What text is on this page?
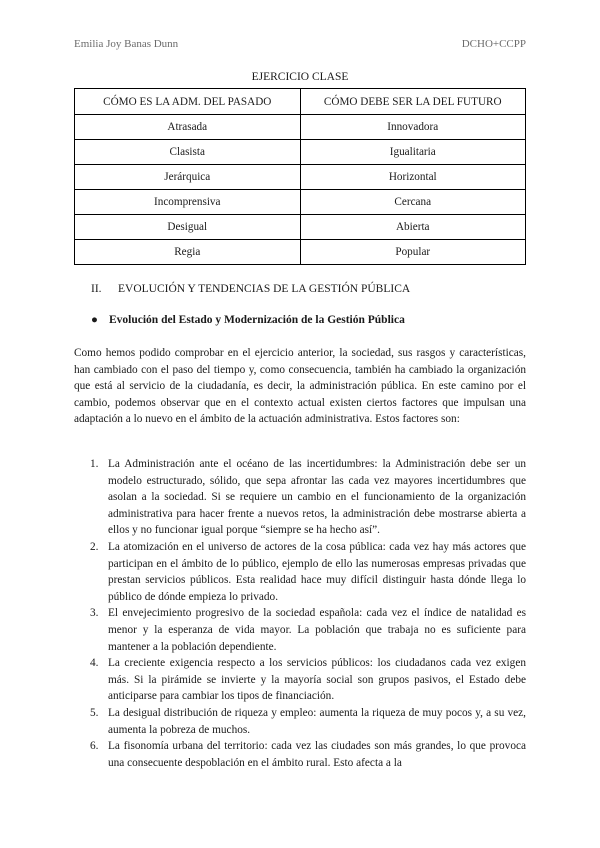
Emilia Joy Banas Dunn	DCHO+CCPP
EJERCICIO CLASE
CÓMO ES LA ADM. DEL PASADO	CÓMO DEBE SER LA DEL FUTURO
Atrasada	Innovadora
Clasista	Igualitaria
Jerárquica	Horizontal
Incomprensiva	Cercana
Desigual	Abierta
Regia	Popular
II. EVOLUCIÓN Y TENDENCIAS DE LA GESTIÓN PÚBLICA
● Evolución del Estado y Modernización de la Gestión Pública

Como hemos podido comprobar en el ejercicio anterior, la sociedad, sus rasgos y características, han cambiado con el paso del tiempo y, como consecuencia, también ha cambiado la organización que está al servicio de la ciudadanía, es decir, la administración pública. En este camino por el cambio, podemos observar que en el contexto actual existen ciertos factores que impulsan una adaptación a lo nuevo en el ámbito de la actuación administrativa. Estos factores son:

1. La Administración ante el océano de las incertidumbres: la Administración debe ser un modelo estructurado, sólido, que sepa afrontar las cada vez mayores incertidumbres que asolan a la sociedad. Si se requiere un cambio en el funcionamiento de la organización administrativa para hacer frente a nuevos retos, la administración debe mostrarse abierta a ellos y no funcionar igual porque “siempre se ha hecho así”.
2. La atomización en el universo de actores de la cosa pública: cada vez hay más actores que participan en el ámbito de lo público, ejemplo de ello las numerosas empresas privadas que prestan servicios públicos. Esta realidad hace muy difícil distinguir hasta dónde llega lo público de dónde empieza lo privado.
3. El envejecimiento progresivo de la sociedad española: cada vez el índice de natalidad es menor y la esperanza de vida mayor. La población que trabaja no es suficiente para mantener a la población dependiente.
4. La creciente exigencia respecto a los servicios públicos: los ciudadanos cada vez exigen más. Si la pirámide se invierte y la mayoría social son grupos pasivos, el Estado debe anticiparse para cambiar los tipos de financiación.
5. La desigual distribución de riqueza y empleo: aumenta la riqueza de muy pocos y, a su vez, aumenta la pobreza de muchos.
6. La fisonomía urbana del territorio: cada vez las ciudades son más grandes, lo que provoca una consecuente despoblación en el ámbito rural. Esto afecta a la
